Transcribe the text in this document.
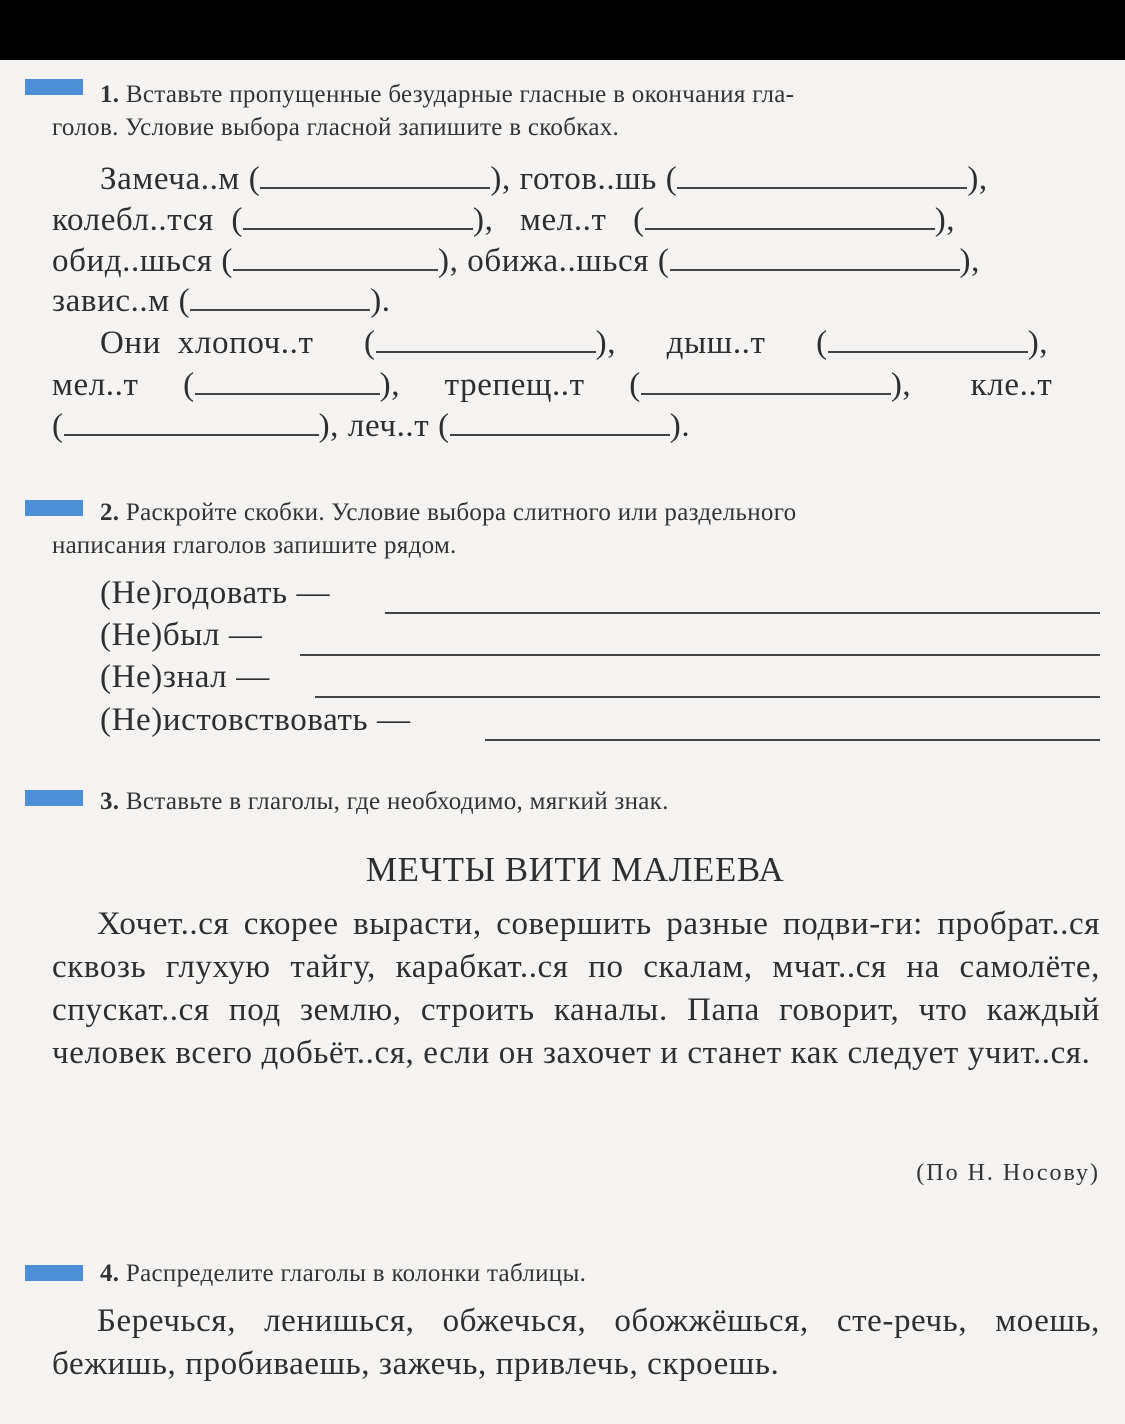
1. Вставьте пропущенные безударные гласные в окончания гла-
голов. Условие выбора гласной запишите в скобках.
Замеча..м (	), готов..шь (	),
колебл..тся  (	),   мел..т   (	),
обид..шься (	), обижа..шься (	),
завис..м (	).
Они хлопоч..т   (	),   дыш..т   (	),
мел..т   (	),   трепещ..т   (	),    кле..т
(	), леч..т (	).
2. Раскройте скобки. Условие выбора слитного или раздельного
написания глаголов запишите рядом.
(Не)годовать —
(Не)был —
(Не)знал —
(Не)истовствовать —
3. Вставьте в глаголы, где необходимо, мягкий знак.
МЕЧТЫ ВИТИ МАЛЕЕВА
Хочет..ся скорее вырасти, совершить разные подви-ги: пробрат..ся сквозь глухую тайгу, карабкат..ся по скалам, мчат..ся на самолёте, спускат..ся под землю, строить каналы. Папа говорит, что каждый человек всего добьёт..ся, если он захочет и станет как следует учит..ся.
(По Н. Носову)
4. Распределите глаголы в колонки таблицы.
Беречься, ленишься, обжечься, обожжёшься, сте-речь, моешь, бежишь, пробиваешь, зажечь, привлечь, скроешь.
